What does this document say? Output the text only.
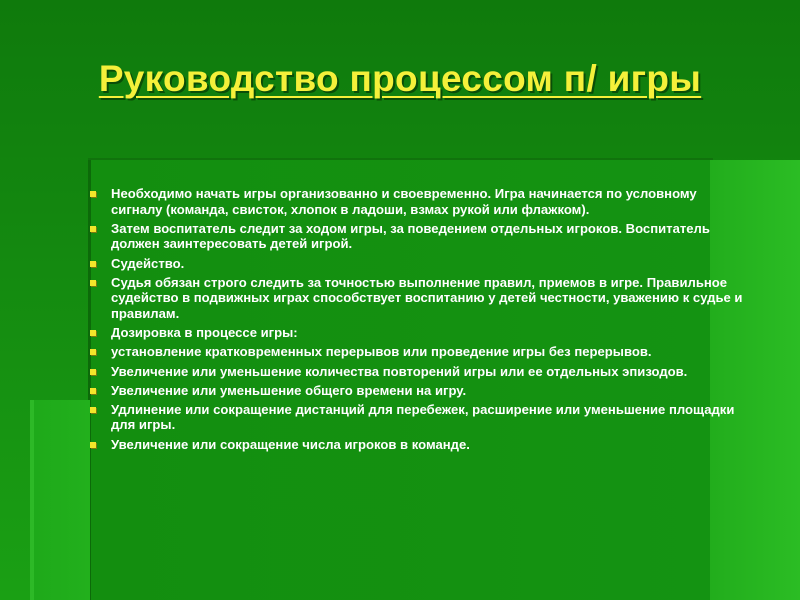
Руководство процессом п/ игры
Необходимо начать игры организованно и своевременно. Игра начинается по условному сигналу (команда, свисток, хлопок в ладоши, взмах рукой или флажком).
Затем воспитатель следит за ходом игры, за поведением отдельных игроков. Воспитатель должен заинтересовать детей игрой.
Судейство.
Судья обязан строго следить за точностью выполнение правил, приемов в игре. Правильное судейство в подвижных играх способствует воспитанию у детей честности, уважению к судье и правилам.
Дозировка в процессе игры:
установление кратковременных перерывов или проведение игры без перерывов.
Увеличение или уменьшение количества повторений игры или ее отдельных эпизодов.
Увеличение или уменьшение общего времени на игру.
Удлинение или сокращение дистанций для перебежек, расширение или уменьшение площадки для игры.
Увеличение или сокращение числа игроков в команде.
